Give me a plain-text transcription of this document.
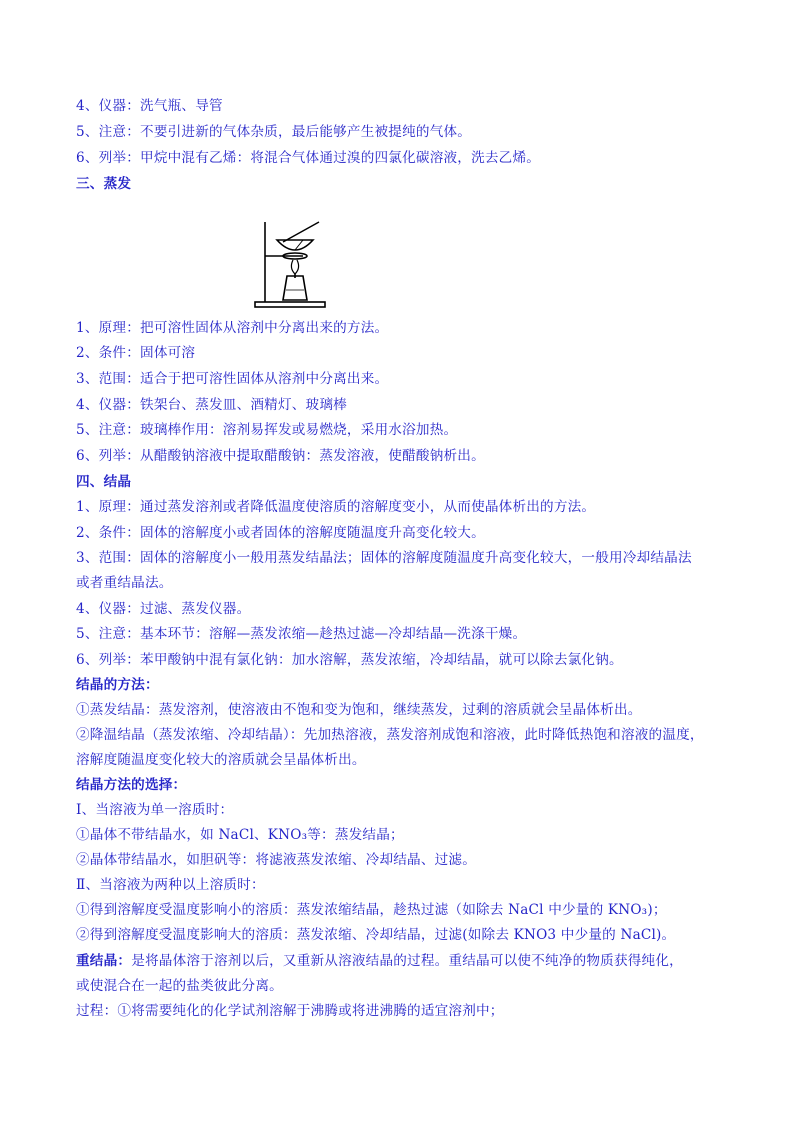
4、仪器：洗气瓶、导管
5、注意：不要引进新的气体杂质，最后能够产生被提纯的气体。
6、列举：甲烷中混有乙烯：将混合气体通过溴的四氯化碳溶液，洗去乙烯。
三、蒸发
1、原理：把可溶性固体从溶剂中分离出来的方法。
2、条件：固体可溶
3、范围：适合于把可溶性固体从溶剂中分离出来。
4、仪器：铁架台、蒸发皿、酒精灯、玻璃棒
5、注意：玻璃棒作用：溶剂易挥发或易燃烧，采用水浴加热。
6、列举：从醋酸钠溶液中提取醋酸钠：蒸发溶液，使醋酸钠析出。
四、结晶
1、原理：通过蒸发溶剂或者降低温度使溶质的溶解度变小，从而使晶体析出的方法。
2、条件：固体的溶解度小或者固体的溶解度随温度升高变化较大。
3、范围：固体的溶解度小一般用蒸发结晶法；固体的溶解度随温度升高变化较大，一般用冷却结晶法
或者重结晶法。
4、仪器：过滤、蒸发仪器。
5、注意：基本环节：溶解—蒸发浓缩—趁热过滤—冷却结晶—洗涤干燥。
6、列举：苯甲酸钠中混有氯化钠：加水溶解，蒸发浓缩，冷却结晶，就可以除去氯化钠。
结晶的方法：
①蒸发结晶：蒸发溶剂，使溶液由不饱和变为饱和，继续蒸发，过剩的溶质就会呈晶体析出。
②降温结晶（蒸发浓缩、冷却结晶）：先加热溶液，蒸发溶剂成饱和溶液，此时降低热饱和溶液的温度，
溶解度随温度变化较大的溶质就会呈晶体析出。
结晶方法的选择：
Ⅰ、当溶液为单一溶质时：
①晶体不带结晶水，如 NaCl、KNO₃等：蒸发结晶；
②晶体带结晶水，如胆矾等：将滤液蒸发浓缩、冷却结晶、过滤。
Ⅱ、当溶液为两种以上溶质时：
①得到溶解度受温度影响小的溶质：蒸发浓缩结晶，趁热过滤（如除去 NaCl 中少量的 KNO₃)；
②得到溶解度受温度影响大的溶质：蒸发浓缩、冷却结晶，过滤(如除去 KNO3 中少量的 NaCl)。
重结晶：是将晶体溶于溶剂以后，又重新从溶液结晶的过程。重结晶可以使不纯净的物质获得纯化，
或使混合在一起的盐类彼此分离。
过程：①将需要纯化的化学试剂溶解于沸腾或将进沸腾的适宜溶剂中；
